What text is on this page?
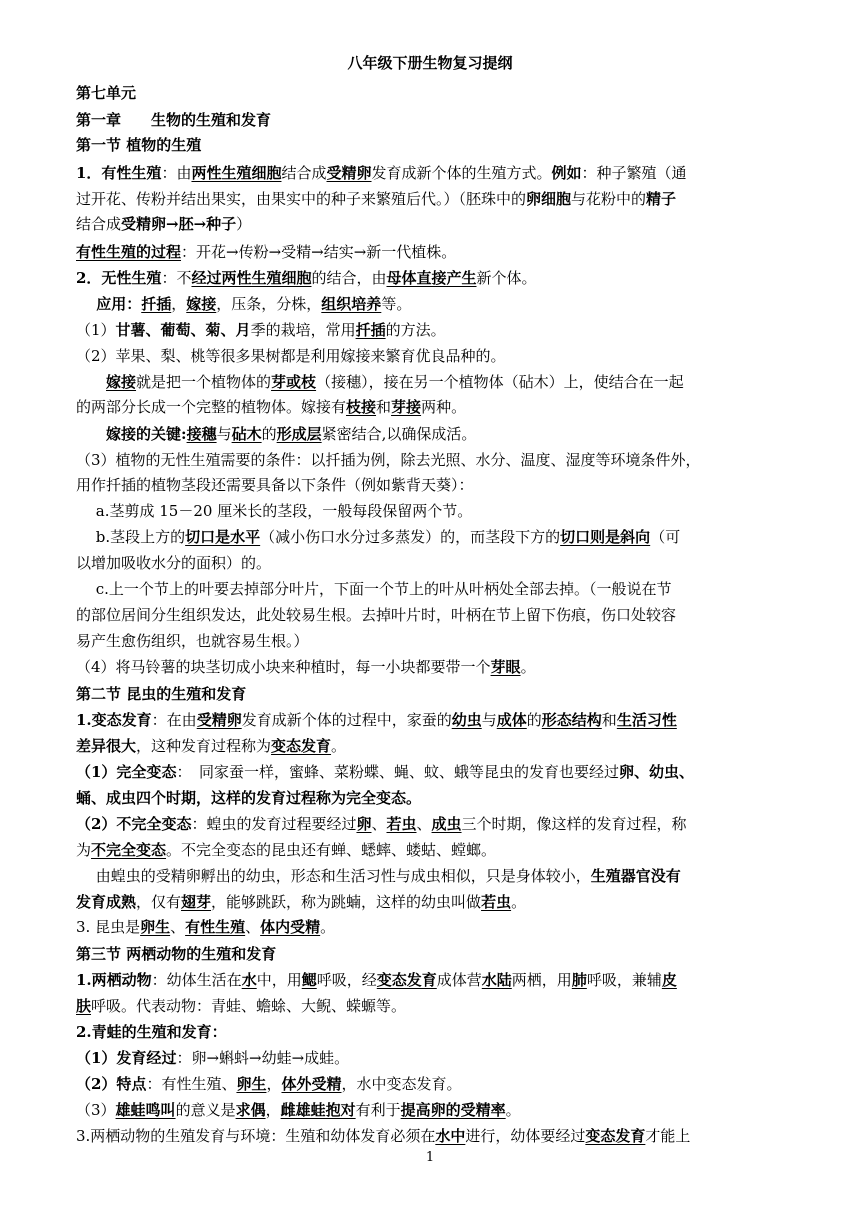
八年级下册生物复习提纲
第七单元
第一章　　生物的生殖和发育
第一节 植物的生殖
1．有性生殖：由两性生殖细胞结合成受精卵发育成新个体的生殖方式。例如：种子繁殖（通
过开花、传粉并结出果实，由果实中的种子来繁殖后代。）（胚珠中的卵细胞与花粉中的精子
结合成受精卵→胚→种子）
有性生殖的过程：开花→传粉→受精→结实→新一代植株。
2．无性生殖：不经过两性生殖细胞的结合，由母体直接产生新个体。
　 应用：扦插，嫁接，压条，分株，组织培养等。
（1）甘薯、葡萄、菊、月季的栽培，常用扦插的方法。
（2）苹果、梨、桃等很多果树都是利用嫁接来繁育优良品种的。
　　嫁接就是把一个植物体的芽或枝（接穗），接在另一个植物体（砧木）上，使结合在一起
的两部分长成一个完整的植物体。嫁接有枝接和芽接两种。
　　嫁接的关键:接穗与砧木的形成层紧密结合,以确保成活。
（3）植物的无性生殖需要的条件：以扦插为例，除去光照、水分、温度、湿度等环境条件外，
用作扦插的植物茎段还需要具备以下条件（例如紫背天葵）：
　 a.茎剪成 15－20 厘米长的茎段，一般每段保留两个节。
　 b.茎段上方的切口是水平（减小伤口水分过多蒸发）的，而茎段下方的切口则是斜向（可
以增加吸收水分的面积）的。
　 c.上一个节上的叶要去掉部分叶片，下面一个节上的叶从叶柄处全部去掉。（一般说在节
的部位居间分生组织发达，此处较易生根。去掉叶片时，叶柄在节上留下伤痕，伤口处较容
易产生愈伤组织，也就容易生根。）
（4）将马铃薯的块茎切成小块来种植时，每一小块都要带一个芽眼。
第二节 昆虫的生殖和发育
1.变态发育：在由受精卵发育成新个体的过程中，家蚕的幼虫与成体的形态结构和生活习性
差异很大，这种发育过程称为变态发育。
（1）完全变态：　同家蚕一样，蜜蜂、菜粉蝶、蝇、蚊、蛾等昆虫的发育也要经过卵、幼虫、
蛹、成虫四个时期，这样的发育过程称为完全变态。
（2）不完全变态：蝗虫的发育过程要经过卵、若虫、成虫三个时期，像这样的发育过程，称
为不完全变态。不完全变态的昆虫还有蝉、蟋蟀、蝼蛄、螳螂。
　 由蝗虫的受精卵孵出的幼虫，形态和生活习性与成虫相似，只是身体较小，生殖器官没有
发育成熟，仅有翅芽，能够跳跃，称为跳蝻，这样的幼虫叫做若虫。
3. 昆虫是卵生、有性生殖、体内受精。
第三节 两栖动物的生殖和发育
1.两栖动物：幼体生活在水中，用鳃呼吸，经变态发育成体营水陆两栖，用肺呼吸，兼辅皮
肤呼吸。代表动物：青蛙、蟾蜍、大鲵、蝾螈等。
2.青蛙的生殖和发育：
（1）发育经过：卵→蝌蚪→幼蛙→成蛙。
（2）特点：有性生殖、卵生，体外受精，水中变态发育。
（3）雄蛙鸣叫的意义是求偶，雌雄蛙抱对有利于提高卵的受精率。
3.两栖动物的生殖发育与环境：生殖和幼体发育必须在水中进行，幼体要经过变态发育才能上
1
